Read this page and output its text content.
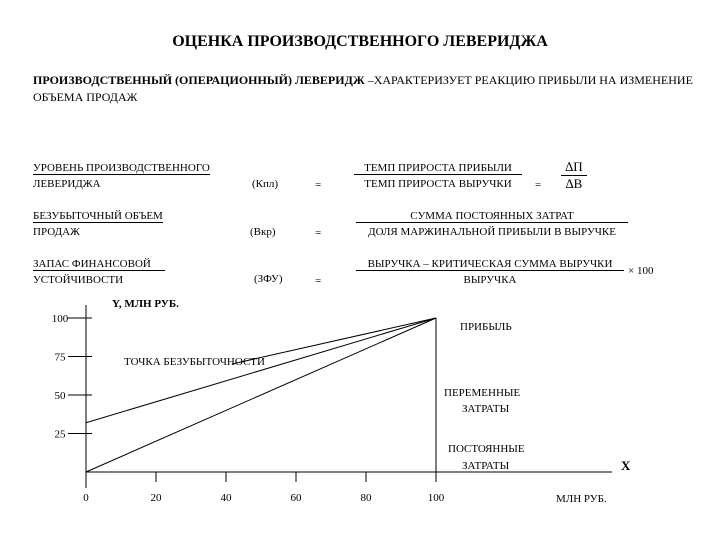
ОЦЕНКА ПРОИЗВОДСТВЕННОГО ЛЕВЕРИДЖА
ПРОИЗВОДСТВЕННЫЙ (ОПЕРАЦИОННЫЙ) ЛЕВЕРИДЖ –ХАРАКТЕРИЗУЕТ РЕАКЦИЮ ПРИБЫЛИ НА ИЗМЕНЕНИЕ ОБЪЕМА ПРОДАЖ
УРОВЕНЬ ПРОИЗВОДСТВЕННОГО
ЛЕВЕРИДЖА	(Кпл)	=
ТЕМП ПРИРОСТА ПРИБЫЛИ
ТЕМП ПРИРОСТА ВЫРУЧКИ	=
∆П
∆В
БЕЗУБЫТОЧНЫЙ ОБЪЕМ
ПРОДАЖ	(Вкр)	=
СУММА ПОСТОЯННЫХ ЗАТРАТ
ДОЛЯ МАРЖИНАЛЬНОЙ ПРИБЫЛИ В ВЫРУЧКЕ
ЗАПАС ФИНАНСОВОЙ
УСТОЙЧИВОСТИ	(ЗФУ)	=
ВЫРУЧКА – КРИТИЧЕСКАЯ СУММА ВЫРУЧКИ
ВЫРУЧКА
× 100
25
50
75
100
0	20	40	60	80	100
Y, МЛН РУБ.
X
МЛН РУБ.
ТОЧКА БЕЗУБЫТОЧНОСТИ
ПРИБЫЛЬ
ПЕРЕМЕННЫЕ
ЗАТРАТЫ
ПОСТОЯННЫЕ
ЗАТРАТЫ
